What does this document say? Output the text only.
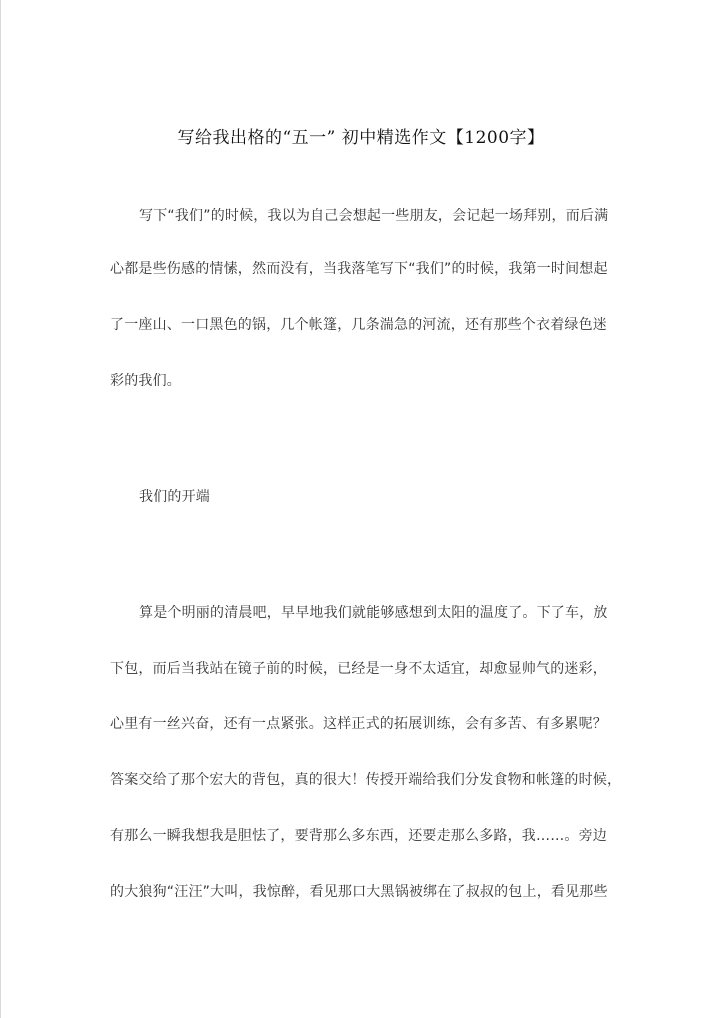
写给我出格的“五一” 初中精选作文【1200字】
写下“我们”的时候，我以为自己会想起一些朋友，会记起一场拜别，而后满
心都是些伤感的情愫，然而没有，当我落笔写下“我们”的时候，我第一时间想起
了一座山、一口黑色的锅，几个帐篷，几条湍急的河流，还有那些个衣着绿色迷
彩的我们。
我们的开端
算是个明丽的清晨吧，早早地我们就能够感想到太阳的温度了。下了车，放
下包，而后当我站在镜子前的时候，已经是一身不太适宜，却愈显帅气的迷彩，
心里有一丝兴奋，还有一点紧张。这样正式的拓展训练，会有多苦、有多累呢？
答案交给了那个宏大的背包，真的很大！传授开端给我们分发食物和帐篷的时候，
有那么一瞬我想我是胆怯了，要背那么多东西，还要走那么多路，我……。旁边
的大狼狗“汪汪”大叫，我惊醉，看见那口大黑锅被绑在了叔叔的包上，看见那些
